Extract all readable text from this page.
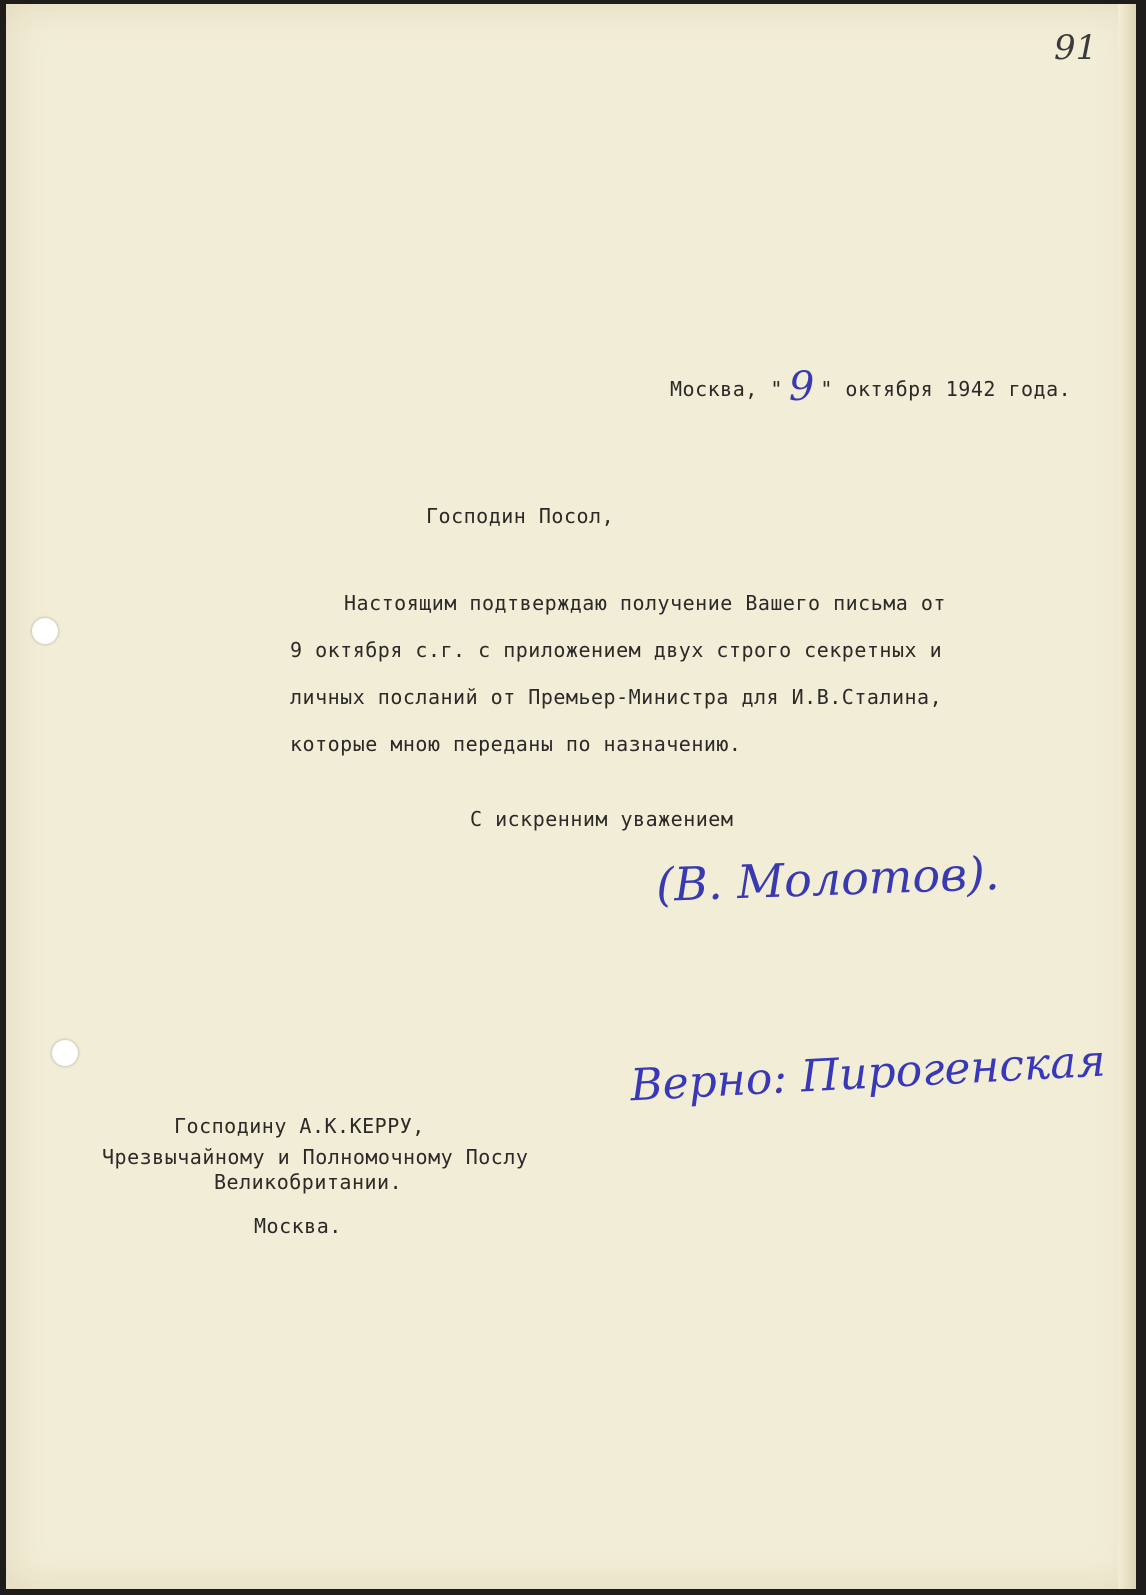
91
Москва, " 9 " октября 1942 года.
Господин Посол,
Настоящим подтверждаю получение Вашего письма от
9 октября с.г. с приложением двух строго секретных и
личных посланий от Премьер-Министра для И.В.Сталина,
которые мною переданы по назначению.
С искренним уважением
(В. Молотов).
Верно: Пирогенская
Господину А.К.КЕРРУ,
Чрезвычайному и Полномочному Послу
Великобритании.
Москва.
